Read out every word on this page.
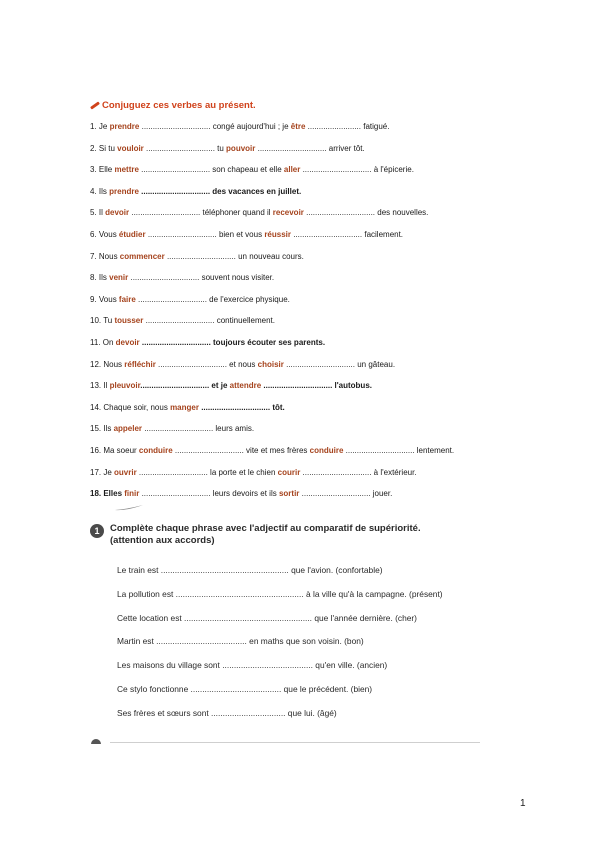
Conjuguez ces verbes au présent.
1. Je prendre ............................... congé aujourd'hui ; je être ........................ fatigué.
2. Si tu vouloir ............................... tu pouvoir ............................... arriver tôt.
3. Elle mettre ............................... son chapeau et elle aller ............................... à l'épicerie.
4. Ils prendre ............................... des vacances en juillet.
5. Il devoir ............................... téléphoner quand il recevoir ............................... des nouvelles.
6. Vous étudier ............................... bien et vous réussir ............................... facilement.
7. Nous commencer ............................... un nouveau cours.
8. Ils venir ............................... souvent nous visiter.
9. Vous faire ............................... de l'exercice physique.
10. Tu tousser ............................... continuellement.
11. On devoir ............................... toujours écouter ses parents.
12. Nous réfléchir ............................... et nous choisir ............................... un gâteau.
13. Il pleuvoir............................... et je attendre ............................... l'autobus.
14. Chaque soir, nous manger ............................... tôt.
15. Ils appeler ............................... leurs amis.
16. Ma soeur conduire ............................... vite et mes frères conduire ............................... lentement.
17. Je ouvrir ............................... la porte et le chien courir ............................... à l'extérieur.
18. Elles finir ............................... leurs devoirs et ils sortir ............................... jouer.
1	Complète chaque phrase avec l'adjectif au comparatif de supériorité.
(attention aux accords)
Le train est ....................................................... que l'avion. (confortable)
La pollution est ....................................................... à la ville qu'à la campagne. (présent)
Cette location est ....................................................... que l'année dernière. (cher)
Martin est ....................................... en maths que son voisin. (bon)
Les maisons du village sont ....................................... qu'en ville. (ancien)
Ce stylo fonctionne ....................................... que le précédent. (bien)
Ses frères et sœurs sont ................................ que lui. (âgé)
1
